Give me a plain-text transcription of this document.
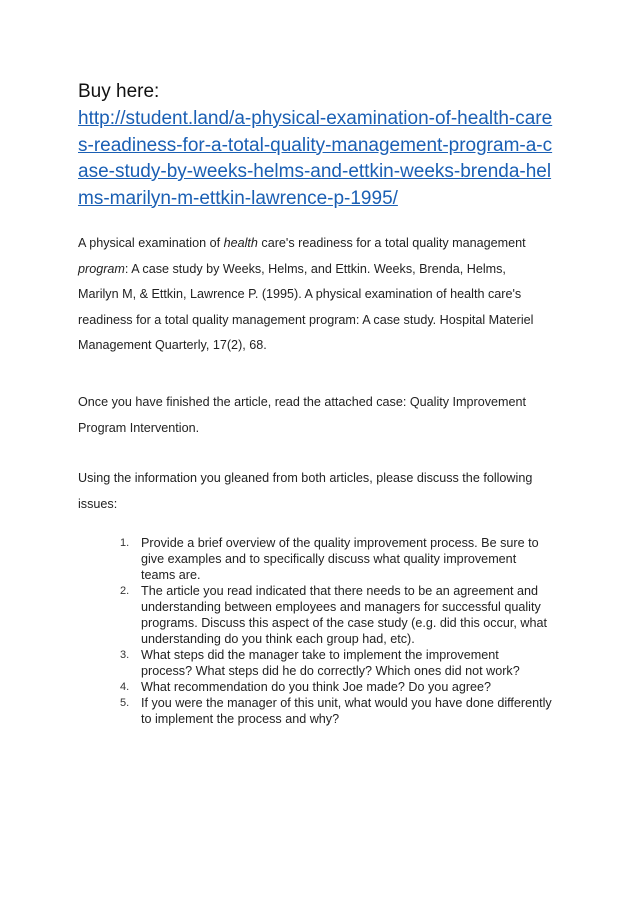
Buy here:
http://student.land/a-physical-examination-of-health-care
s-readiness-for-a-total-quality-management-program-a-c
ase-study-by-weeks-helms-and-ettkin-weeks-brenda-hel
ms-marilyn-m-ettkin-lawrence-p-1995/
A physical examination of health care's readiness for a total quality management
program: A case study by Weeks, Helms, and Ettkin. Weeks, Brenda, Helms,
Marilyn M, & Ettkin, Lawrence P. (1995). A physical examination of health care's
readiness for a total quality management program: A case study. Hospital Materiel
Management Quarterly, 17(2), 68.
Once you have finished the article, read the attached case: Quality Improvement
Program Intervention.
Using the information you gleaned from both articles, please discuss the following
issues:
1. Provide a brief overview of the quality improvement process. Be sure to
give examples and to specifically discuss what quality improvement
teams are.
2. The article you read indicated that there needs to be an agreement and
understanding between employees and managers for successful quality
programs. Discuss this aspect of the case study (e.g. did this occur, what
understanding do you think each group had, etc).
3. What steps did the manager take to implement the improvement
process? What steps did he do correctly? Which ones did not work?
4. What recommendation do you think Joe made? Do you agree?
5. If you were the manager of this unit, what would you have done differently
to implement the process and why?
